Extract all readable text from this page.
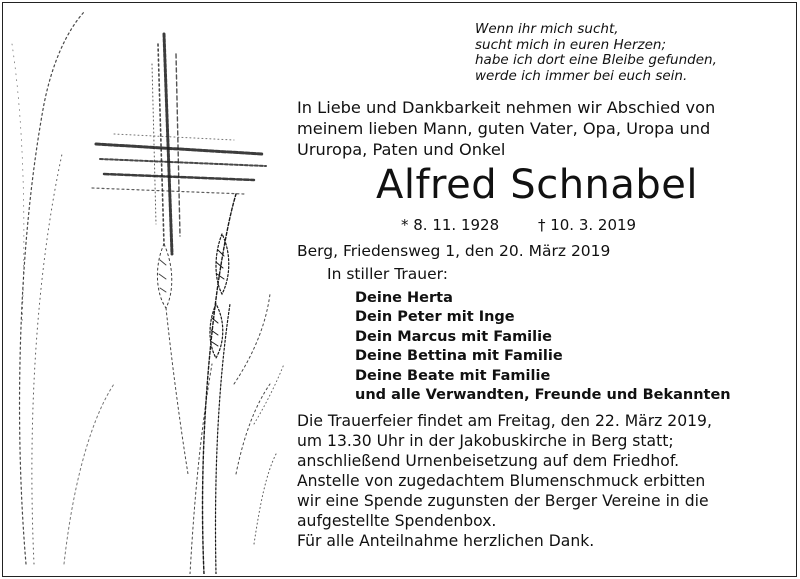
Wenn ihr mich sucht,
sucht mich in euren Herzen;
habe ich dort eine Bleibe gefunden,
werde ich immer bei euch sein.
In Liebe und Dankbarkeit nehmen wir Abschied von
meinem lieben Mann, guten Vater, Opa, Uropa und
Ururopa, Paten und Onkel
Alfred Schnabel
* 8. 11. 1928	† 10. 3. 2019
Berg, Friedensweg 1, den 20. März 2019
In stiller Trauer:
Deine Herta
Dein Peter mit Inge
Dein Marcus mit Familie
Deine Bettina mit Familie
Deine Beate mit Familie
und alle Verwandten, Freunde und Bekannten
Die Trauerfeier findet am Freitag, den 22. März 2019,
um 13.30 Uhr in der Jakobuskirche in Berg statt;
anschließend Urnenbeisetzung auf dem Friedhof.
Anstelle von zugedachtem Blumenschmuck erbitten
wir eine Spende zugunsten der Berger Vereine in die
aufgestellte Spendenbox.
Für alle Anteilnahme herzlichen Dank.
